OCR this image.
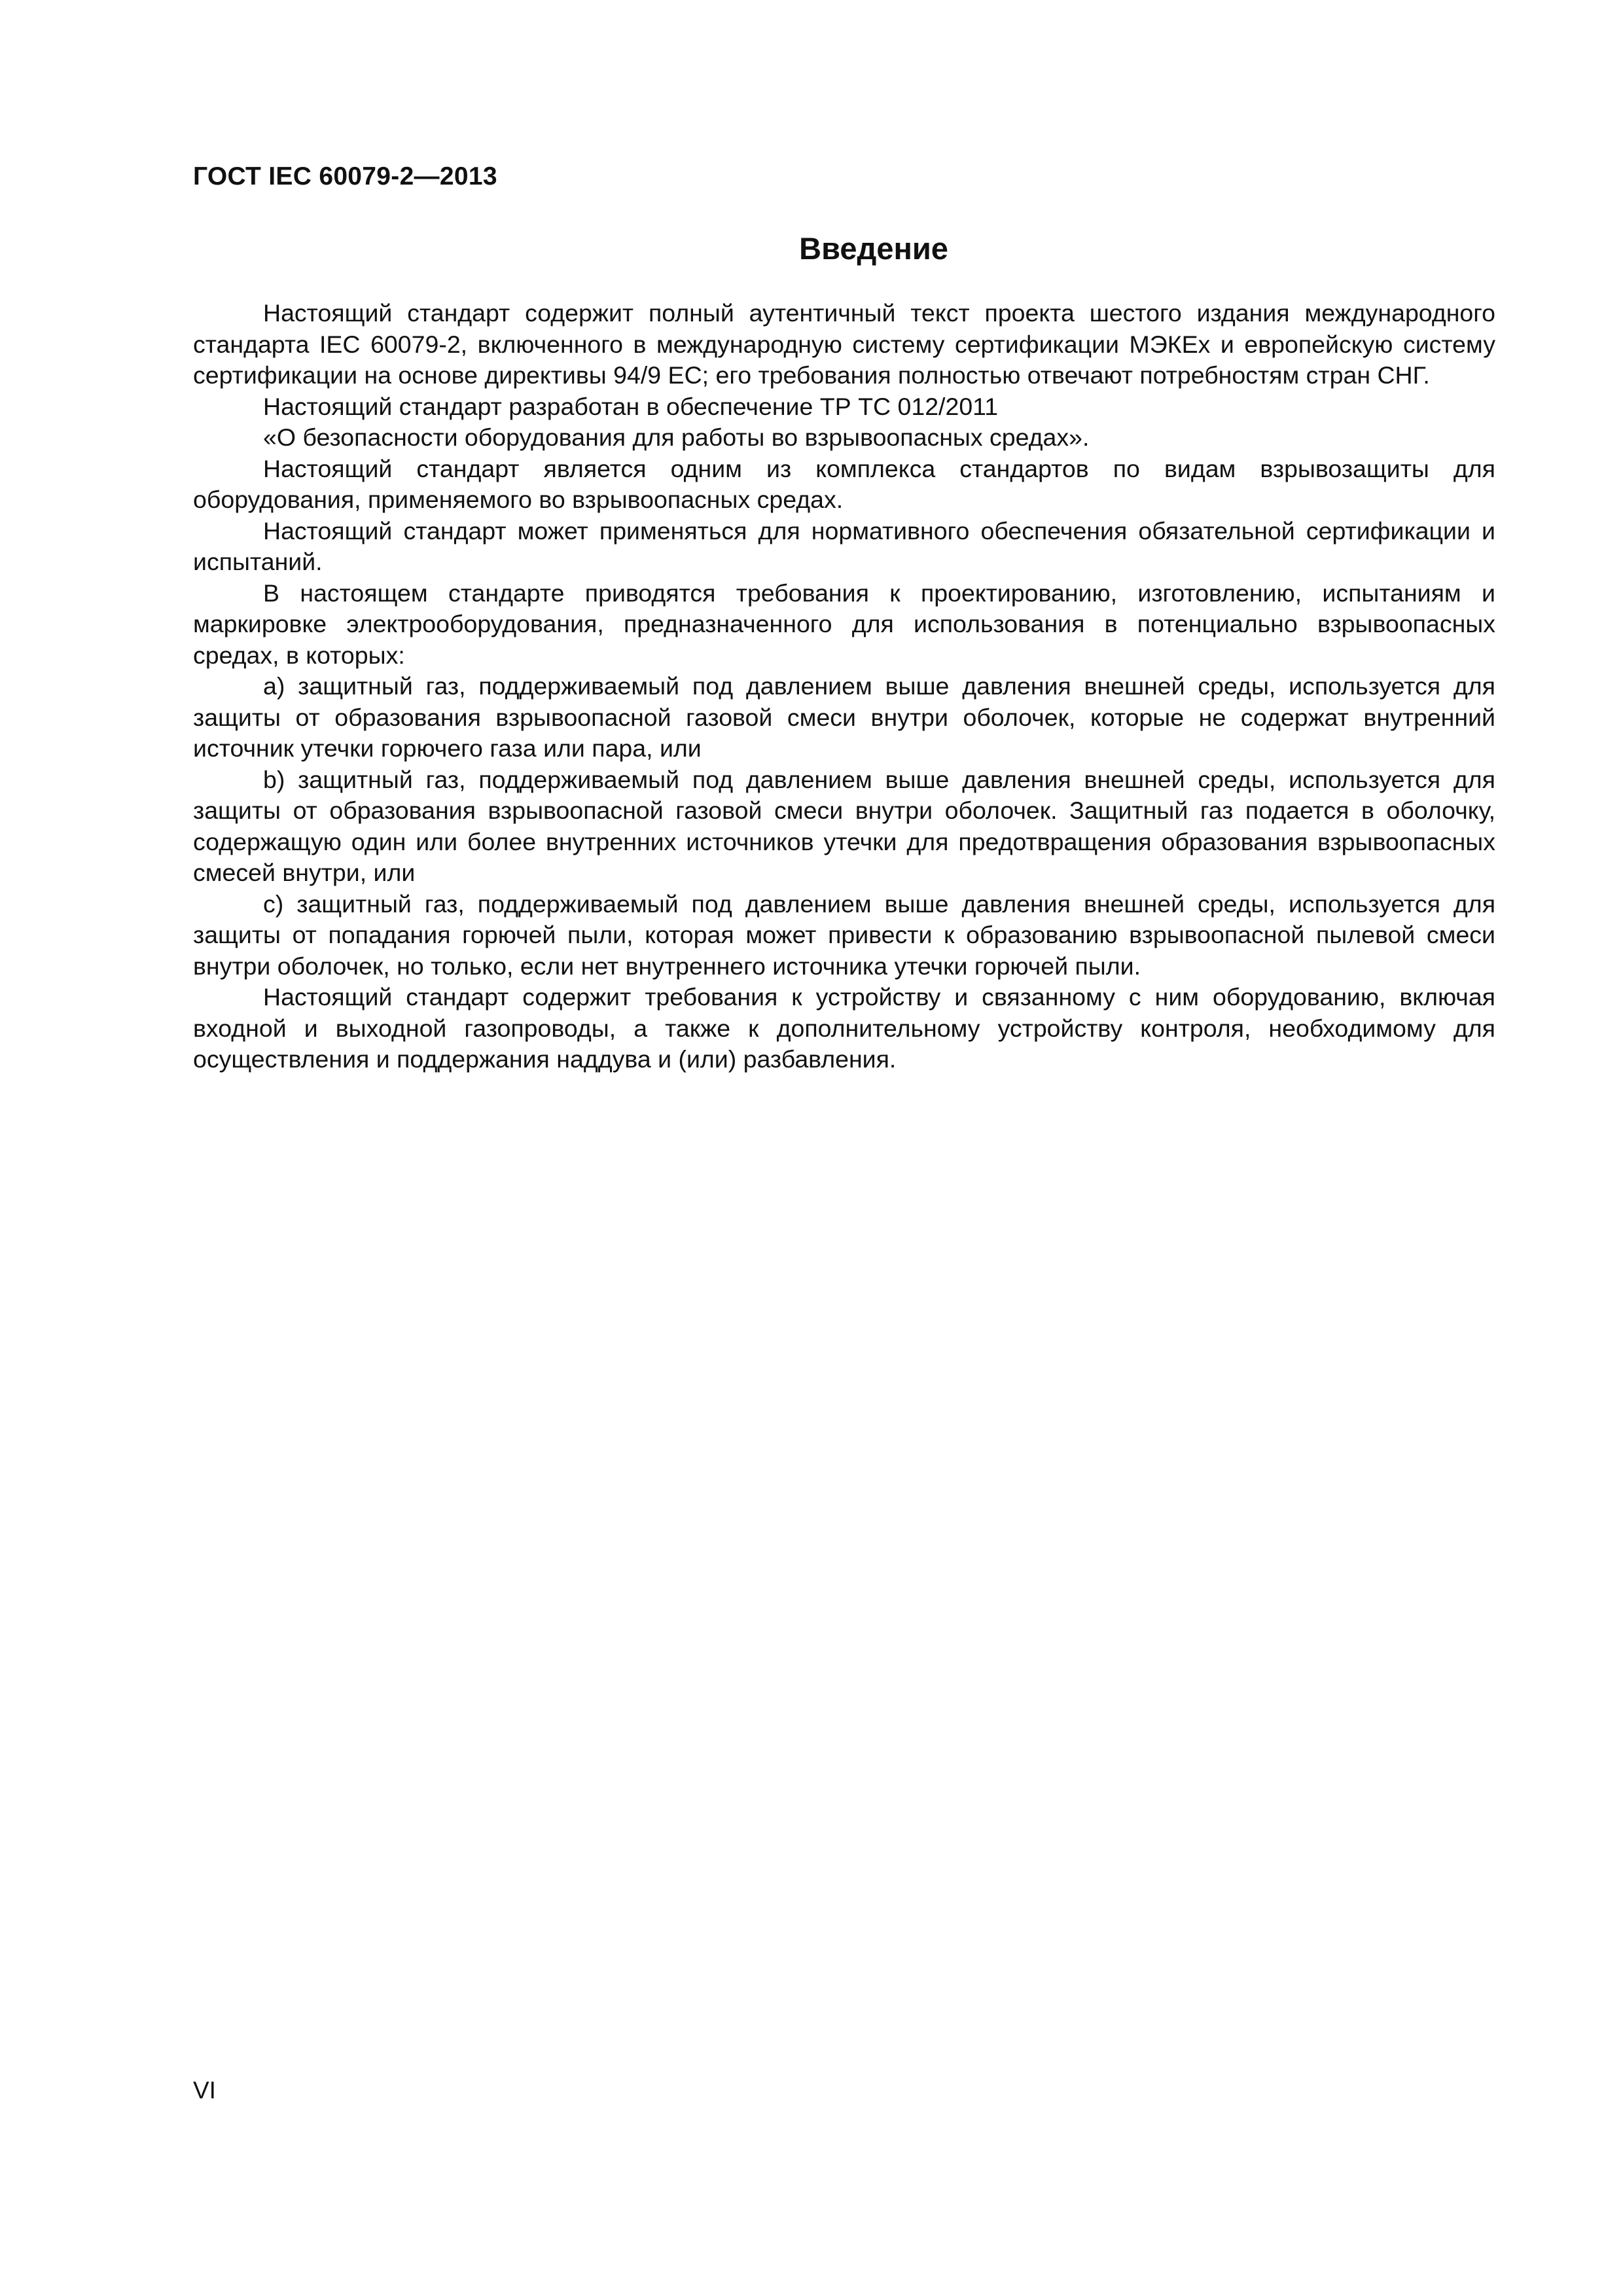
ГОСТ IEC 60079-2—2013
Введение

Настоящий стандарт содержит полный аутентичный текст проекта шестого издания международного стандарта IEC 60079-2, включенного в международную систему сертификации МЭКЕх и европейскую систему сертификации на основе директивы 94/9 ЕС; его требования полностью отвечают потребностям стран СНГ.

Настоящий стандарт разработан в обеспечение ТР ТС 012/2011

«О безопасности оборудования для работы во взрывоопасных средах».

Настоящий стандарт является одним из комплекса стандартов по видам взрывозащиты для оборудования, применяемого во взрывоопасных средах.

Настоящий стандарт может применяться для нормативного обеспечения обязательной сертификации и испытаний.

В настоящем стандарте приводятся требования к проектированию, изготовлению, испытаниям и маркировке электрооборудования, предназначенного для использования в потенциально взрывоопасных средах, в которых:

a) защитный газ, поддерживаемый под давлением выше давления внешней среды, используется для защиты от образования взрывоопасной газовой смеси внутри оболочек, которые не содержат внутренний источник утечки горючего газа или пара, или

b) защитный газ, поддерживаемый под давлением выше давления внешней среды, используется для защиты от образования взрывоопасной газовой смеси внутри оболочек. Защитный газ подается в оболочку, содержащую один или более внутренних источников утечки для предотвращения образования взрывоопасных смесей внутри, или

c) защитный газ, поддерживаемый под давлением выше давления внешней среды, используется для защиты от попадания горючей пыли, которая может привести к образованию взрывоопасной пылевой смеси внутри оболочек, но только, если нет внутреннего источника утечки горючей пыли.

Настоящий стандарт содержит требования к устройству и связанному с ним оборудованию, включая входной и выходной газопроводы, а также к дополнительному устройству контроля, необходимому для осуществления и поддержания наддува и (или) разбавления.

VI
